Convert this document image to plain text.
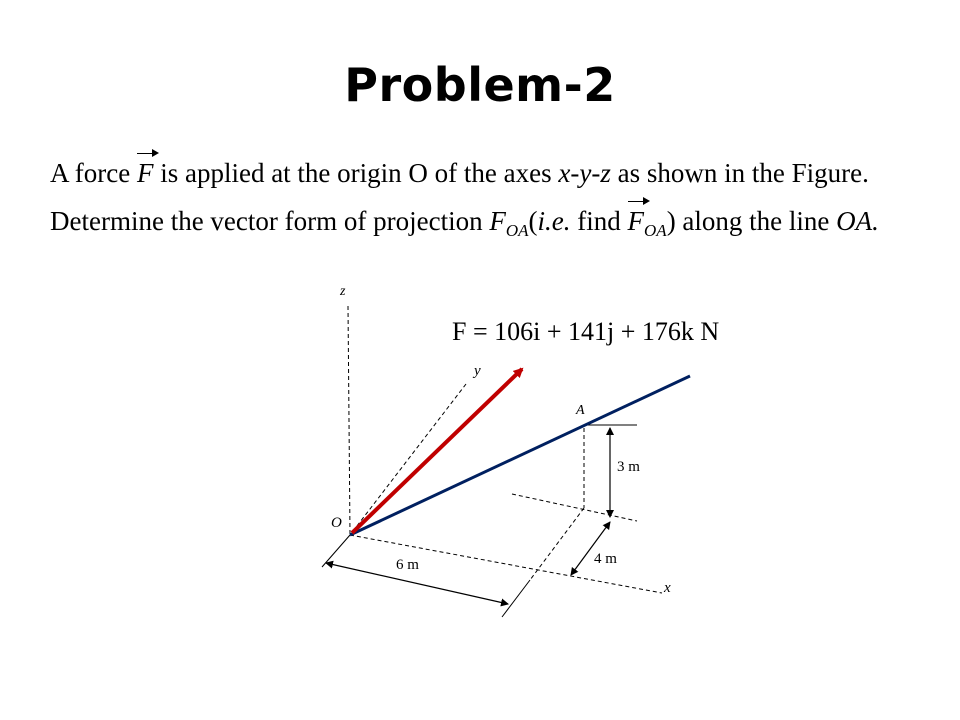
Problem-2
A force F is applied at the origin O of the axes x-y-z as shown in the Figure.
Determine the vector form of projection $F_{OA}(i.e$. find $F_{OA}$) along the line OA.
z
y
x
O
A
3 m
4 m
6 m
F = 106i + 141j + 176k N
